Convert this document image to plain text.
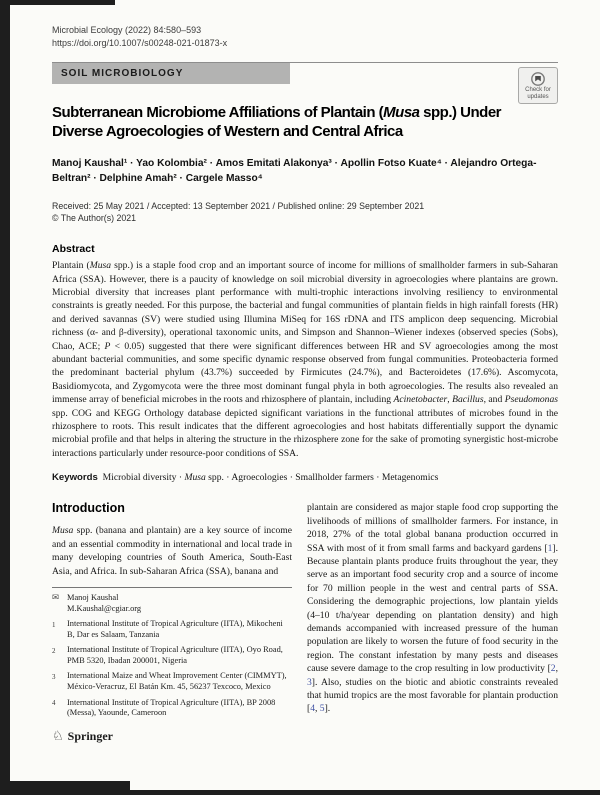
Microbial Ecology (2022) 84:580–593
https://doi.org/10.1007/s00248-021-01873-x
SOIL MICROBIOLOGY
Check for
updates
Subterranean Microbiome Affiliations of Plantain (Musa spp.) Under
Diverse Agroecologies of Western and Central Africa
Manoj Kaushal¹ · Yao Kolombia² · Amos Emitati Alakonya³ · Apollin Fotso Kuate⁴ · Alejandro Ortega-Beltran² · Delphine Amah² · Cargele Masso⁴
Received: 25 May 2021 / Accepted: 13 September 2021 / Published online: 29 September 2021
© The Author(s) 2021
Abstract
Plantain (Musa spp.) is a staple food crop and an important source of income for millions of smallholder farmers in sub-Saharan Africa (SSA). However, there is a paucity of knowledge on soil microbial diversity in agroecologies where plantains are grown. Microbial diversity that increases plant performance with multi-trophic interactions involving resiliency to environmental constraints is greatly needed. For this purpose, the bacterial and fungal communities of plantain fields in high rainfall forests (HR) and derived savannas (SV) were studied using Illumina MiSeq for 16S rDNA and ITS amplicon deep sequencing. Microbial richness (α- and β-diversity), operational taxonomic units, and Simpson and Shannon–Wiener indexes (observed species (Sobs), Chao, ACE; P < 0.05) suggested that there were significant differences between HR and SV agroecologies among the most abundant bacterial communities, and some specific dynamic response observed from fungal communities. Proteobacteria formed the predominant bacterial phylum (43.7%) succeeded by Firmicutes (24.7%), and Bacteroidetes (17.6%). Ascomycota, Basidiomycota, and Zygomycota were the three most dominant fungal phyla in both agroecologies. The results also revealed an immense array of beneficial microbes in the roots and rhizosphere of plantain, including Acinetobacter, Bacillus, and Pseudomonas spp. COG and KEGG Orthology database depicted significant variations in the functional attributes of microbes found in the rhizosphere to roots. This result indicates that the different agroecologies and host habitats differentially support the dynamic microbial profile and that helps in altering the structure in the rhizosphere zone for the sake of promoting synergistic host-microbe interactions particularly under resource-poor conditions of SSA.
Keywords  Microbial diversity · Musa spp. · Agroecologies · Smallholder farmers · Metagenomics
Introduction
Musa spp. (banana and plantain) are a key source of income and an essential commodity in international and local trade in many developing countries of South America, South-East Asia, and Africa. In sub-Saharan Africa (SSA), banana and
✉ Manoj Kaushal
M.Kaushal@cgiar.org
1	International Institute of Tropical Agriculture (IITA), Mikocheni B, Dar es Salaam, Tanzania
2	International Institute of Tropical Agriculture (IITA), Oyo Road, PMB 5320, Ibadan 200001, Nigeria
3	International Maize and Wheat Improvement Center (CIMMYT), México-Veracruz, El Batán Km. 45, 56237 Texcoco, Mexico
4	International Institute of Tropical Agriculture (IITA), BP 2008 (Messa), Yaounde, Cameroon
♘ Springer
plantain are considered as major staple food crop supporting the livelihoods of millions of smallholder farmers. For instance, in 2018, 27% of the total global banana production occurred in SSA with most of it from small farms and backyard gardens [1]. Because plantain plants produce fruits throughout the year, they serve as an important food security crop and a source of income for 70 million people in the west and central parts of SSA. Considering the demographic projections, low plantain yields (4–10 t/ha/year depending on plantation density) and high demands accompanied with increased pressure of the human population are likely to worsen the future of food security in the region. The constant infestation by many pests and diseases cause severe damage to the crop resulting in low productivity [2, 3]. Also, studies on the biotic and abiotic constraints revealed that humid tropics are the most favorable for plantain production [4, 5].
